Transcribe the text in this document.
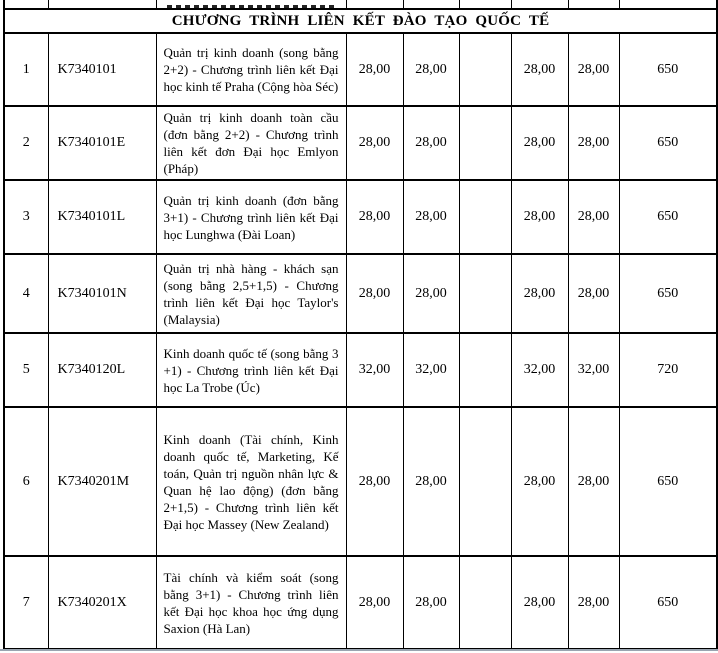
CHƯƠNG TRÌNH LIÊN KẾT ĐÀO TẠO QUỐC TẾ								
1	K7340101	Quản trị kinh doanh (song bằng 2+2) - Chương trình liên kết Đại học kinh tế Praha (Cộng hòa Séc)	28,00	28,00		28,00	28,00	650
2	K7340101E	Quản trị kinh doanh toàn cầu (đơn bằng 2+2) - Chương trình liên kết đơn Đại học Emlyon (Pháp)	28,00	28,00		28,00	28,00	650
3	K7340101L	Quản trị kinh doanh (đơn bằng 3+1) - Chương trình liên kết Đại học Lunghwa (Đài Loan)	28,00	28,00		28,00	28,00	650
4	K7340101N	Quản trị nhà hàng - khách sạn (song bằng 2,5+1,5) - Chương trình liên kết Đại học Taylor's (Malaysia)	28,00	28,00		28,00	28,00	650
5	K7340120L	Kinh doanh quốc tế (song bằng 3 +1) - Chương trình liên kết Đại học La Trobe (Úc)	32,00	32,00		32,00	32,00	720
6	K7340201M	Kinh doanh (Tài chính, Kinh doanh quốc tế, Marketing, Kế toán, Quản trị nguồn nhân lực & Quan hệ lao động) (đơn bằng 2+1,5) - Chương trình liên kết Đại học Massey (New Zealand)	28,00	28,00		28,00	28,00	650
7	K7340201X	Tài chính và kiểm soát (song bằng 3+1) - Chương trình liên kết Đại học khoa học ứng dụng Saxion (Hà Lan)	28,00	28,00		28,00	28,00	650
